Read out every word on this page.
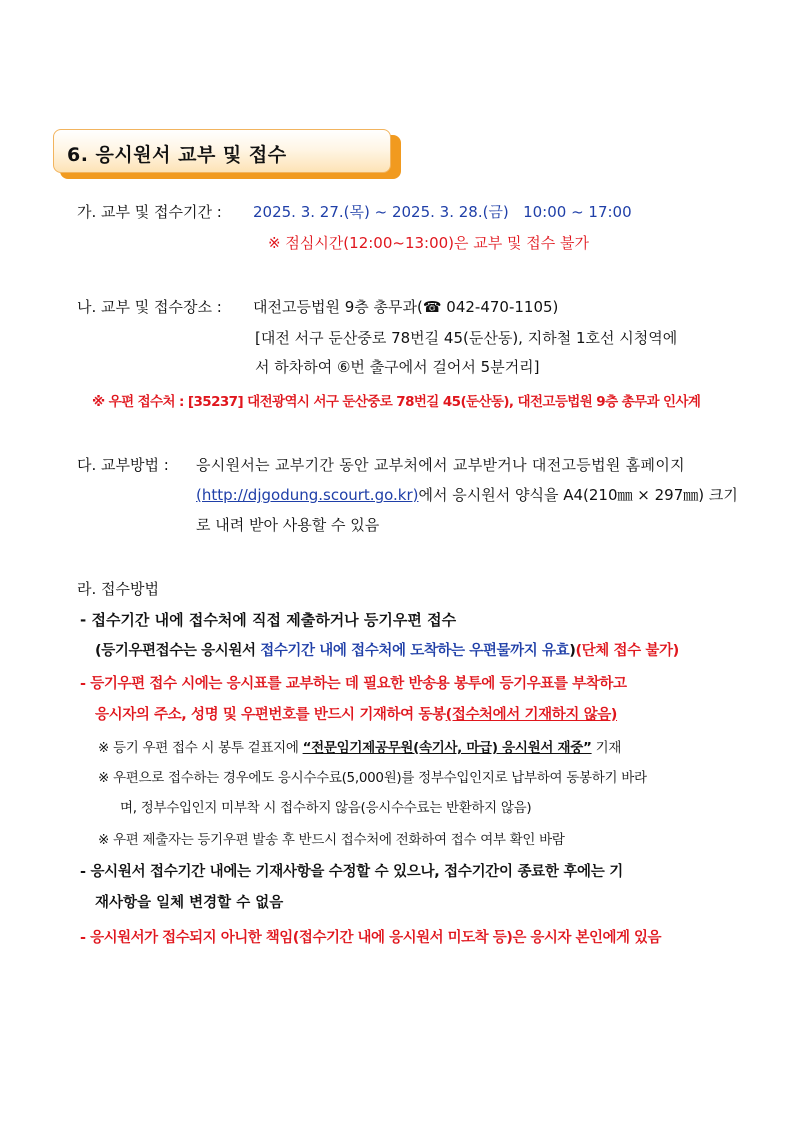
6. 응시원서 교부 및 접수
가. 교부 및 접수기간 : 2025. 3. 27.(목) ~ 2025. 3. 28.(금)   10:00 ~ 17:00
※ 점심시간(12:00~13:00)은 교부 및 접수 불가
나. 교부 및 접수장소 : 대전고등법원 9층 총무과(☎ 042-470-1105)
[대전 서구 둔산중로 78번길 45(둔산동), 지하철 1호선 시청역에
서 하차하여 ⑥번 출구에서 걸어서 5분거리]
※ 우편 접수처 : [35237] 대전광역시 서구 둔산중로 78번길 45(둔산동), 대전고등법원 9층 총무과 인사계
다. 교부방법 : 응시원서는 교부기간 동안 교부처에서 교부받거나 대전고등법원 홈페이지
(http://djgodung.scourt.go.kr)에서 응시원서 양식을 A4(210㎜ × 297㎜) 크기
로 내려 받아 사용할 수 있음
라. 접수방법
- 접수기간 내에 접수처에 직접 제출하거나 등기우편 접수
(등기우편접수는 응시원서 접수기간 내에 접수처에 도착하는 우편물까지 유효)(단체 접수 불가)
- 등기우편 접수 시에는 응시표를 교부하는 데 필요한 반송용 봉투에 등기우표를 부착하고
응시자의 주소, 성명 및 우편번호를 반드시 기재하여 동봉(접수처에서 기재하지 않음)
※ 등기 우편 접수 시 봉투 겉표지에 “전문임기제공무원(속기사, 마급) 응시원서 재중” 기재
※ 우편으로 접수하는 경우에도 응시수수료(5,000원)를 정부수입인지로 납부하여 동봉하기 바라
며, 정부수입인지 미부착 시 접수하지 않음(응시수수료는 반환하지 않음)
※ 우편 제출자는 등기우편 발송 후 반드시 접수처에 전화하여 접수 여부 확인 바람
- 응시원서 접수기간 내에는 기재사항을 수정할 수 있으나, 접수기간이 종료한 후에는 기
재사항을 일체 변경할 수 없음
- 응시원서가 접수되지 아니한 책임(접수기간 내에 응시원서 미도착 등)은 응시자 본인에게 있음
